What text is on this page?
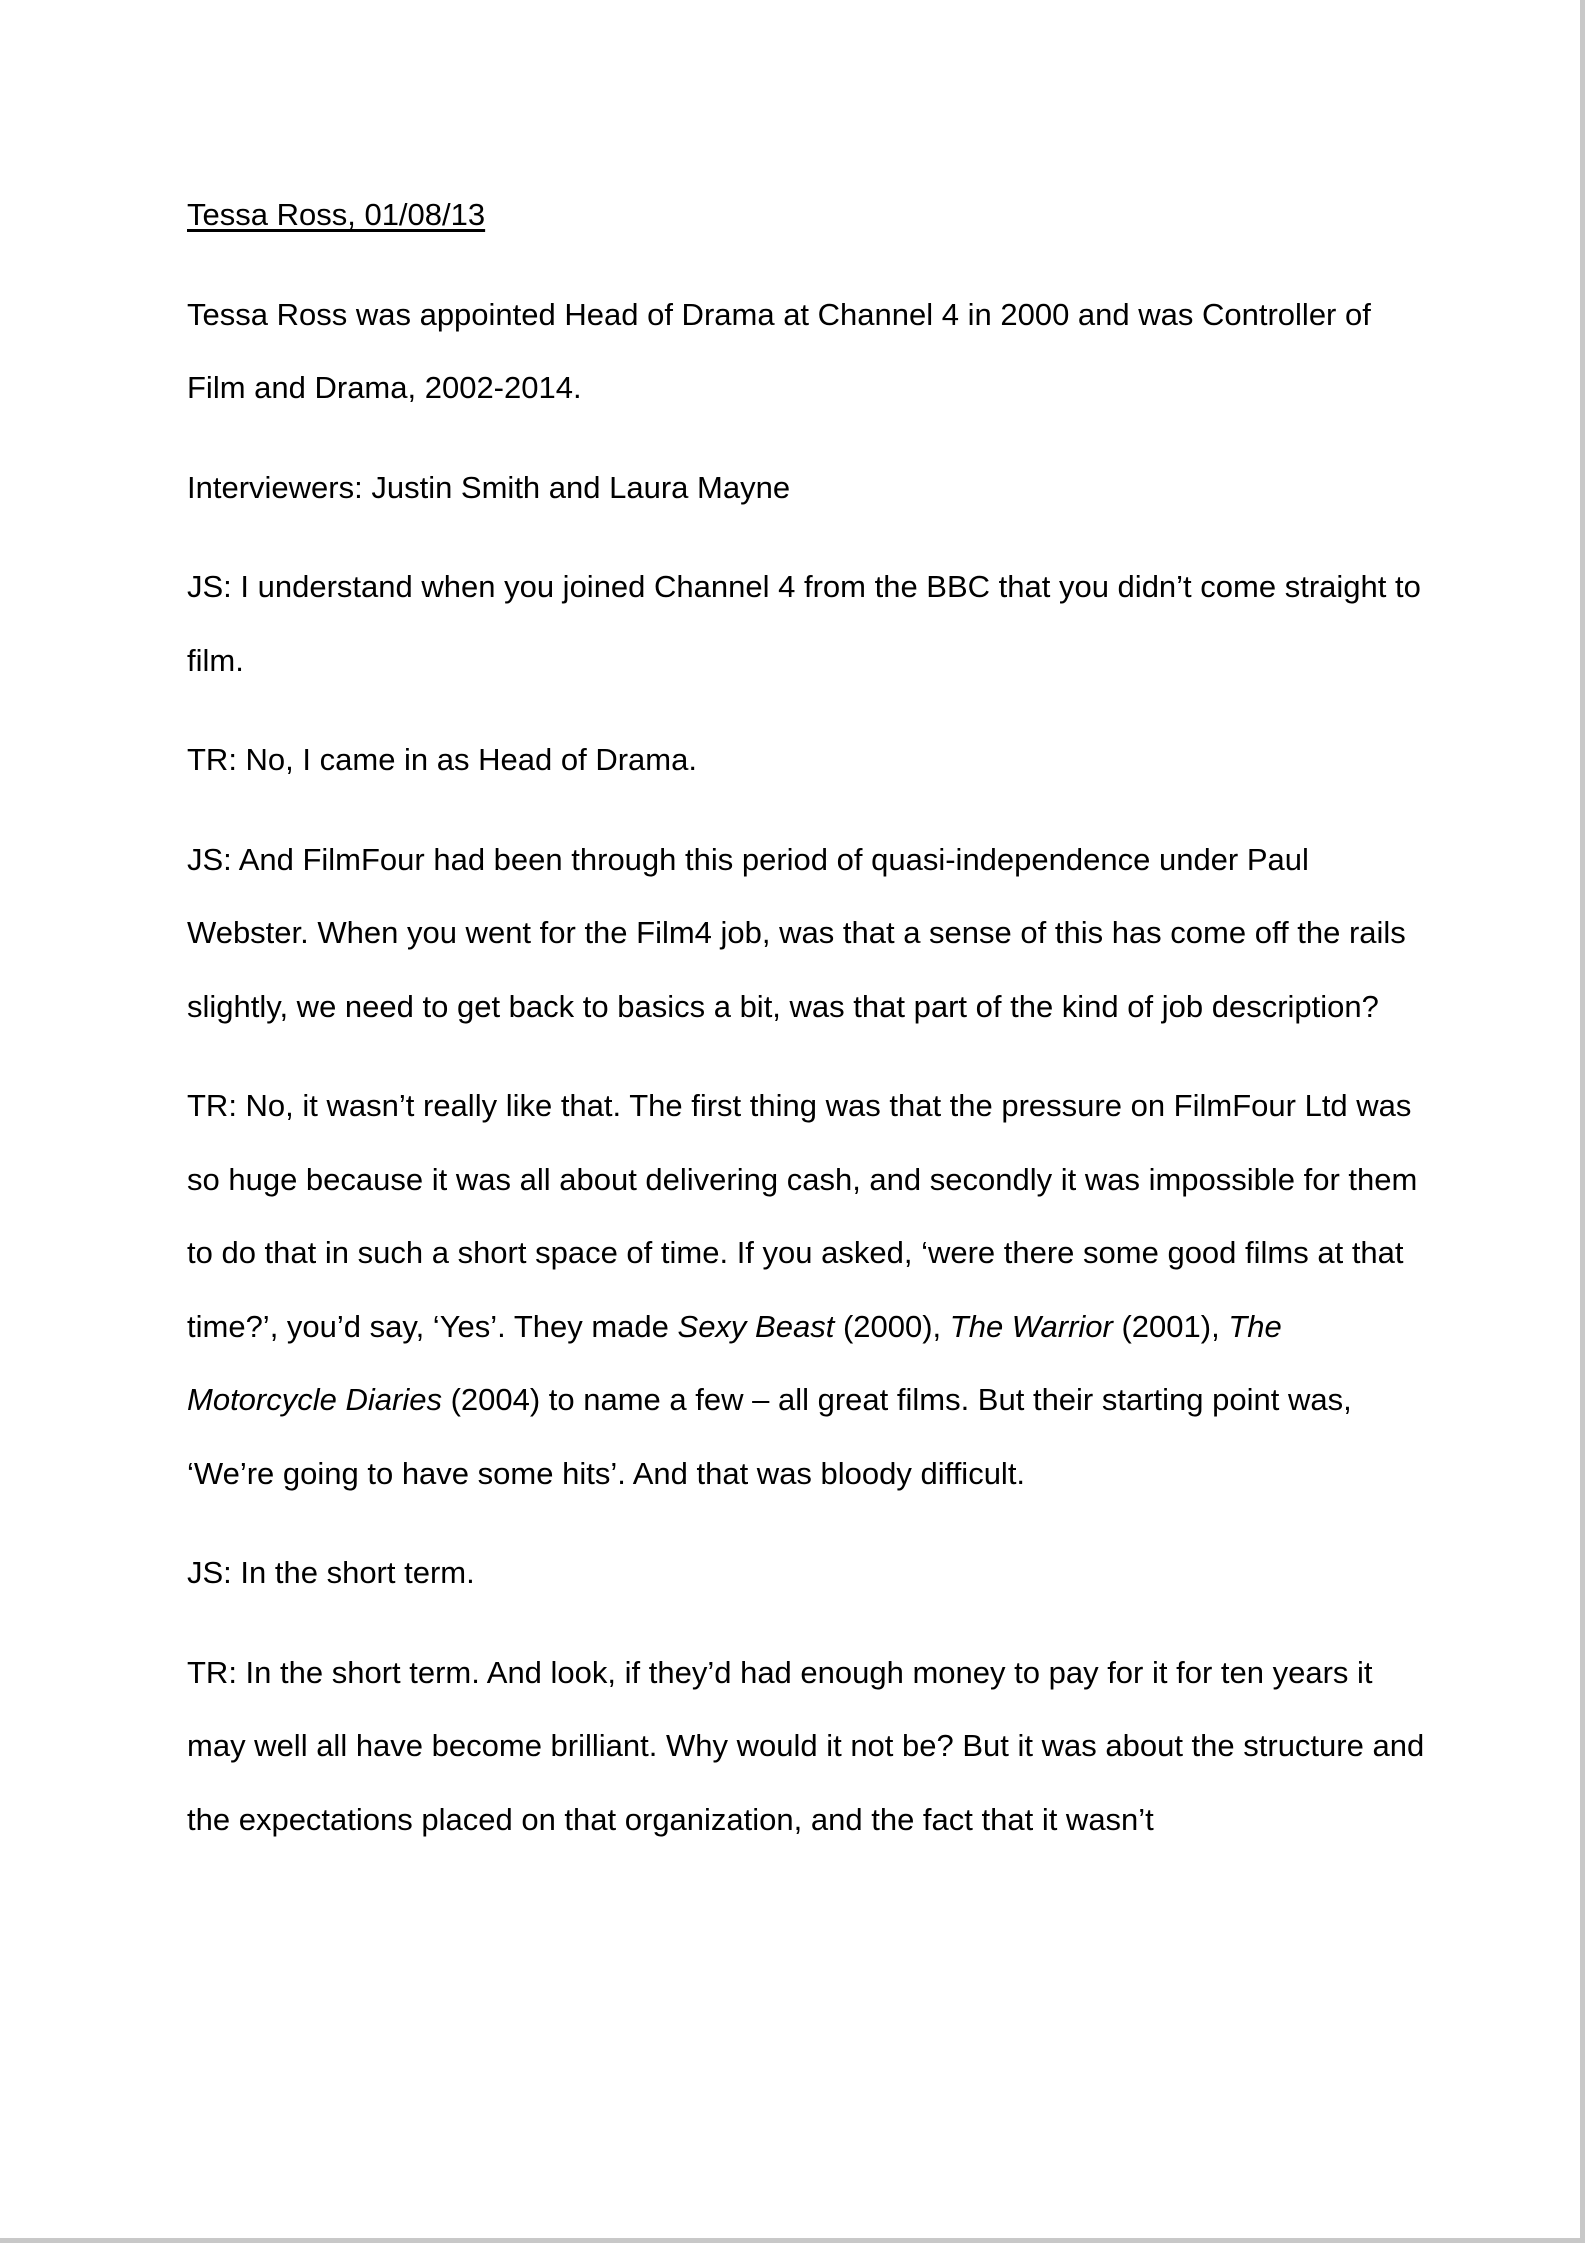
Tessa Ross, 01/08/13

Tessa Ross was appointed Head of Drama at Channel 4 in 2000 and was Controller of Film and Drama, 2002-2014.

Interviewers: Justin Smith and Laura Mayne

JS: I understand when you joined Channel 4 from the BBC that you didn’t come straight to film.

TR: No, I came in as Head of Drama.

JS: And FilmFour had been through this period of quasi-independence under Paul Webster. When you went for the Film4 job, was that a sense of this has come off the rails slightly, we need to get back to basics a bit, was that part of the kind of job description?

TR: No, it wasn’t really like that. The first thing was that the pressure on FilmFour Ltd was so huge because it was all about delivering cash, and secondly it was impossible for them to do that in such a short space of time. If you asked, ‘were there some good films at that time?’, you’d say, ‘Yes’. They made Sexy Beast (2000), The Warrior (2001), The Motorcycle Diaries (2004) to name a few – all great films. But their starting point was, ‘We’re going to have some hits’. And that was bloody difficult.

JS: In the short term.

TR: In the short term. And look, if they’d had enough money to pay for it for ten years it may well all have become brilliant. Why would it not be? But it was about the structure and the expectations placed on that organization, and the fact that it wasn’t
